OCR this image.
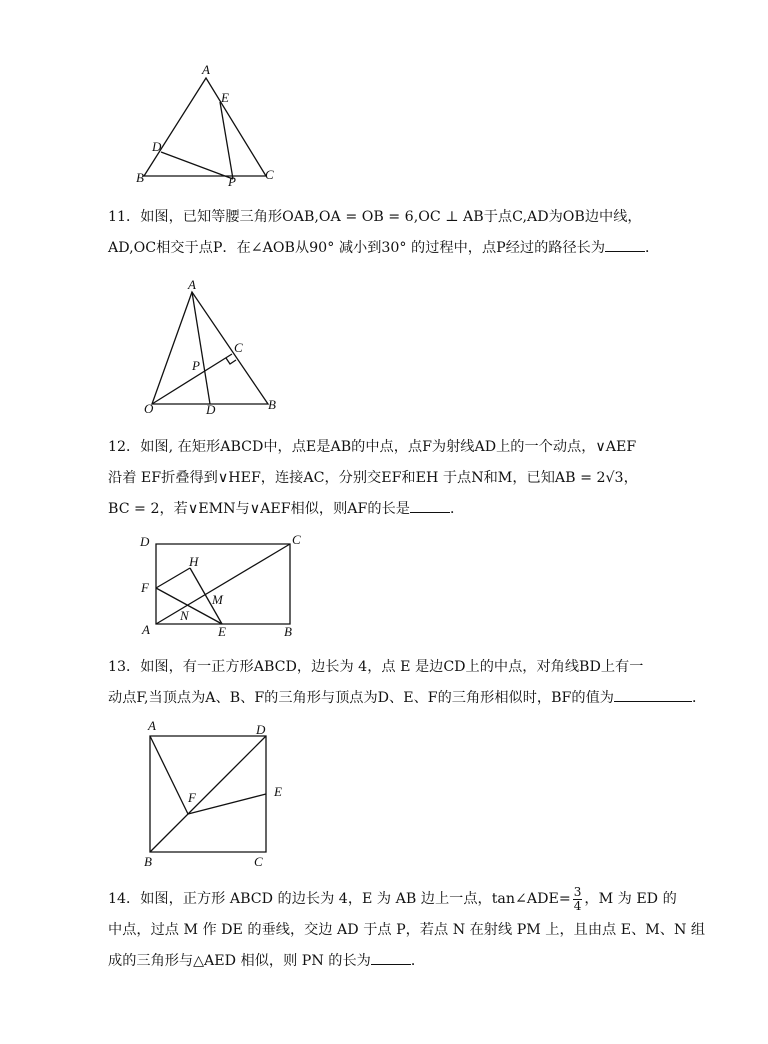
A
E
D
B	P C
11．如图，已知等腰三角形OAB,OA = OB = 6,OC ⊥ AB于点C,AD为OB边中线，
AD,OC相交于点P．在∠AOB从90° 减小到30° 的过程中，点P经过的路径长为	．
A
C
P
O	D	B
12．如图, 在矩形ABCD中，点E是AB的中点，点F为射线AD上的一个动点，∨AEF
沿着 EF折叠得到∨HEF，连接AC，分别交EF和EH 于点N和M，已知AB = 2√3，
BC = 2，若∨EMN与∨AEF相似，则AF的长是	．
D	C
H
F
M
N
A	E	B
13．如图，有一正方形ABCD，边长为 4，点 E 是边CD上的中点，对角线BD上有一
动点F,当顶点为A、B、F的三角形与顶点为D、E、F的三角形相似时，BF的值为	．
A	D
F	E
B	C
14．如图，正方形 ABCD 的边长为 4，E 为 AB 边上一点，tan∠ADE= $\frac{3}{4}$ ，M 为 ED 的
中点，过点 M 作 DE 的垂线，交边 AD 于点 P，若点 N 在射线 PM 上，且由点 E、M、N 组
成的三角形与△AED 相似，则 PN 的长为	．
